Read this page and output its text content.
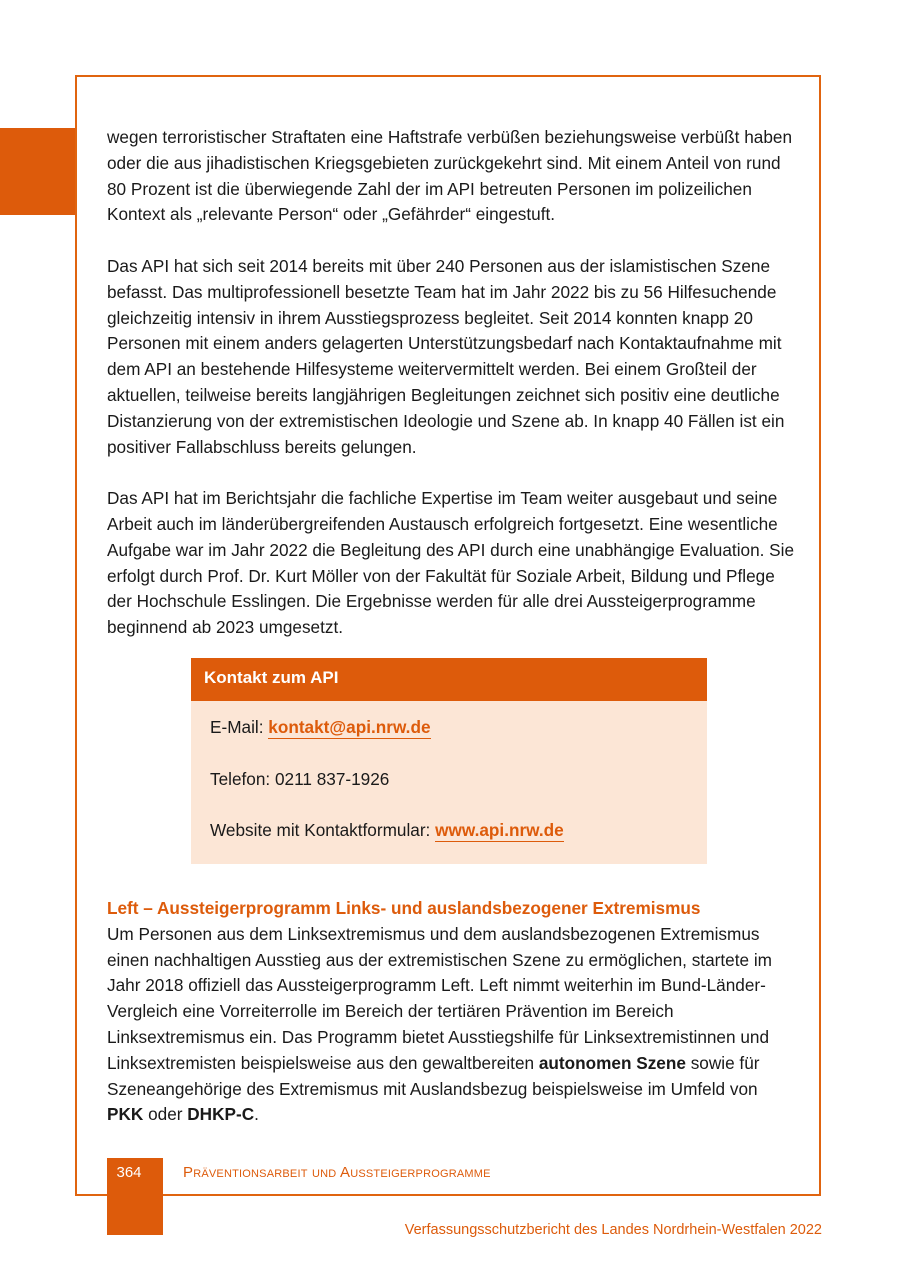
wegen terroristischer Straftaten eine Haftstrafe verbüßen beziehungsweise verbüßt haben oder die aus jihadistischen Kriegsgebieten zurückgekehrt sind. Mit einem Anteil von rund 80 Prozent ist die überwiegende Zahl der im API betreuten Personen im polizeilichen Kontext als „relevante Person“ oder „Gefährder“ eingestuft.

Das API hat sich seit 2014 bereits mit über 240 Personen aus der islamistischen Szene befasst. Das multiprofessionell besetzte Team hat im Jahr 2022 bis zu 56 Hilfesuchende gleichzeitig intensiv in ihrem Ausstiegsprozess begleitet. Seit 2014 konnten knapp 20 Personen mit einem anders gelagerten Unterstützungsbedarf nach Kontaktaufnahme mit dem API an bestehende Hilfesysteme weitervermittelt werden. Bei einem Großteil der aktuellen, teilweise bereits langjährigen Begleitungen zeichnet sich positiv eine deutliche Distanzierung von der extremistischen Ideologie und Szene ab. In knapp 40 Fällen ist ein positiver Fallabschluss bereits gelungen.

Das API hat im Berichtsjahr die fachliche Expertise im Team weiter ausgebaut und seine Arbeit auch im länderübergreifenden Austausch erfolgreich fortgesetzt. Eine wesentliche Aufgabe war im Jahr 2022 die Begleitung des API durch eine unabhängige Evaluation. Sie erfolgt durch Prof. Dr. Kurt Möller von der Fakultät für Soziale Arbeit, Bildung und Pflege der Hochschule Esslingen. Die Ergebnisse werden für alle drei Aussteigerprogramme beginnend ab 2023 umgesetzt.

Kontakt zum API
E-Mail: kontakt@api.nrw.de
Telefon: 0211 837-1926
Website mit Kontaktformular: www.api.nrw.de
Left – Aussteigerprogramm Links- und auslandsbezogener Extremismus

Um Personen aus dem Linksextremismus und dem auslandsbezogenen Extremismus einen nachhaltigen Ausstieg aus der extremistischen Szene zu ermöglichen, startete im Jahr 2018 offiziell das Aussteigerprogramm Left. Left nimmt weiterhin im Bund-Länder-Vergleich eine Vorreiterrolle im Bereich der tertiären Prävention im Bereich Linksextremismus ein. Das Programm bietet Ausstiegshilfe für Linksextremistinnen und Linksextremisten beispielsweise aus den gewaltbereiten autonomen Szene sowie für Szeneangehörige des Extremismus mit Auslandsbezug beispielsweise im Umfeld von PKK oder DHKP-C.

364	Präventionsarbeit und Aussteigerprogramme
Verfassungsschutzbericht des Landes Nordrhein-Westfalen 2022
